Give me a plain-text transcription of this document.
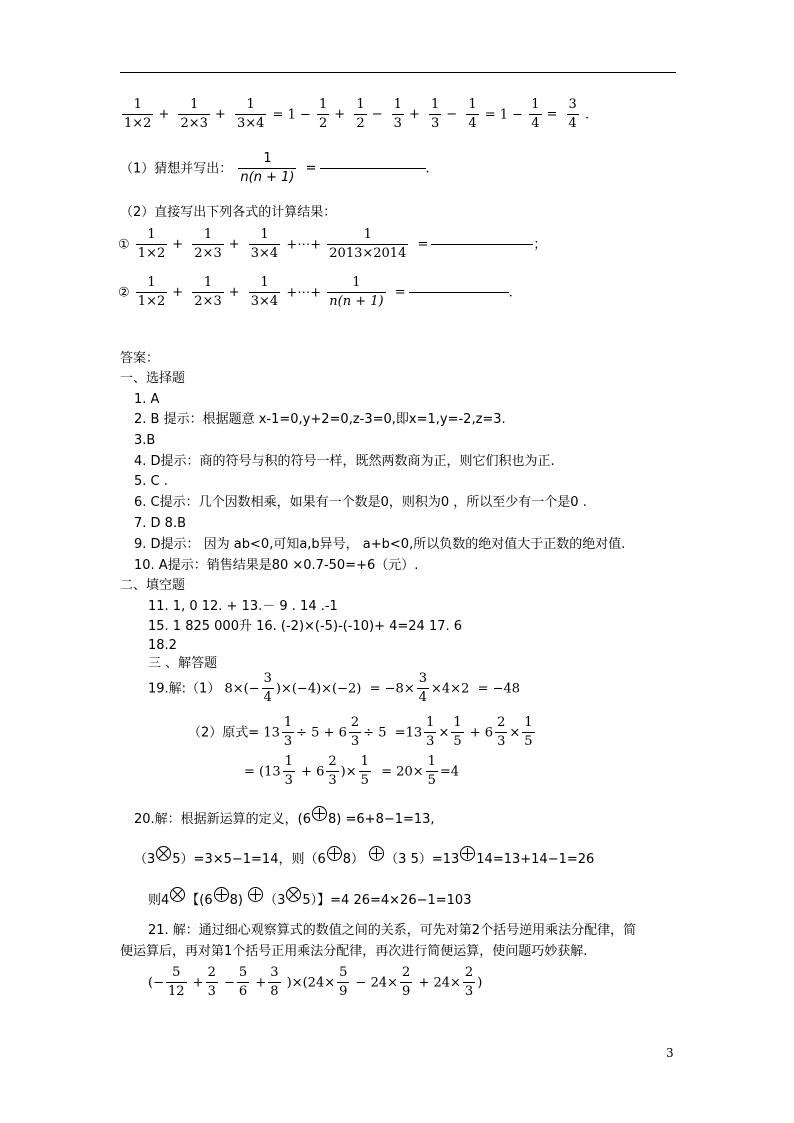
$\frac{1}{1\times 2} + \frac{1}{2\times 3} + \frac{1}{3\times 4} = 1 - \frac{1}{2} + \frac{1}{2} - \frac{1}{3} + \frac{1}{3} - \frac{1}{4} = 1 - \frac{1}{4} = \frac{3}{4}$ .
（1）猜想并写出： $\frac{1}{n(n + 1)}$ =	.
（2）直接写出下列各式的计算结果：
① $\frac{1}{1\times 2} + \frac{1}{2\times 3} + \frac{1}{3\times 4}$ +⋯+ $\frac{1}{2013\times 2014}$ =	；
② $\frac{1}{1\times 2} + \frac{1}{2\times 3} + \frac{1}{3\times 4}$ +⋯+ $\frac{1}{n(n + 1)}$ =	.
答案：
一、选择题
1. A
2. B 提示：根据题意 x-1=0,y+2=0,z-3=0,即x=1,y=-2,z=3.
3.B
4. D提示：商的符号与积的符号一样，既然两数商为正，则它们积也为正.
5. C .
6. C提示：几个因数相乘，如果有一个数是0，则积为0 ，所以至少有一个是0 .
7. D 8.B
9. D提示： 因为 ab<0,可知a,b异号， a+b<0,所以负数的绝对值大于正数的绝对值.
10. A提示：销售结果是80 ×0.7-50=+6（元）.
二、填空题
11. 1, 0 12. + 13.－ 9 . 14 .-1
15. 1 825 000升 16. (-2)×(-5)-(-10)+ 4=24 17. 6
18.2
三 、解答题
19.解:（1） $8\times(- \frac{3}{4} )\times(-4)\times(-2) = -8\times \frac{3}{4} \times 4\times 2 = -48$
（2）原式= $13 \frac{1}{3} \div 5 + 6 \frac{2}{3} \div 5 =13 \frac{1}{3} \times \frac{1}{5} + 6 \frac{2}{3} \times \frac{1}{5}$
= ($13 \frac{1}{3} + 6 \frac{2}{3}$ )× $\frac{1}{5} = 20\times \frac{1}{5} =4$
20.解：根据新运算的定义，(6 8) =6+8−1=13,
（3 5）=3×5−1=14，则（6 8） （3 5）=13 14=13+14−1=26
则4 【(6 8) （3 5）】=4 26=4×26−1=103
21. 解：通过细心观察算式的数值之间的关系，可先对第2个括号逆用乘法分配律，简
便运算后，再对第1个括号正用乘法分配律，再次进行简便运算，使问题巧妙获解.
(− $\frac{5}{12} + \frac{2}{3} - \frac{5}{6} + \frac{3}{8} )\times(24\times \frac{5}{9} - 24\times \frac{2}{9} + 24\times \frac{2}{3}$ )
3
